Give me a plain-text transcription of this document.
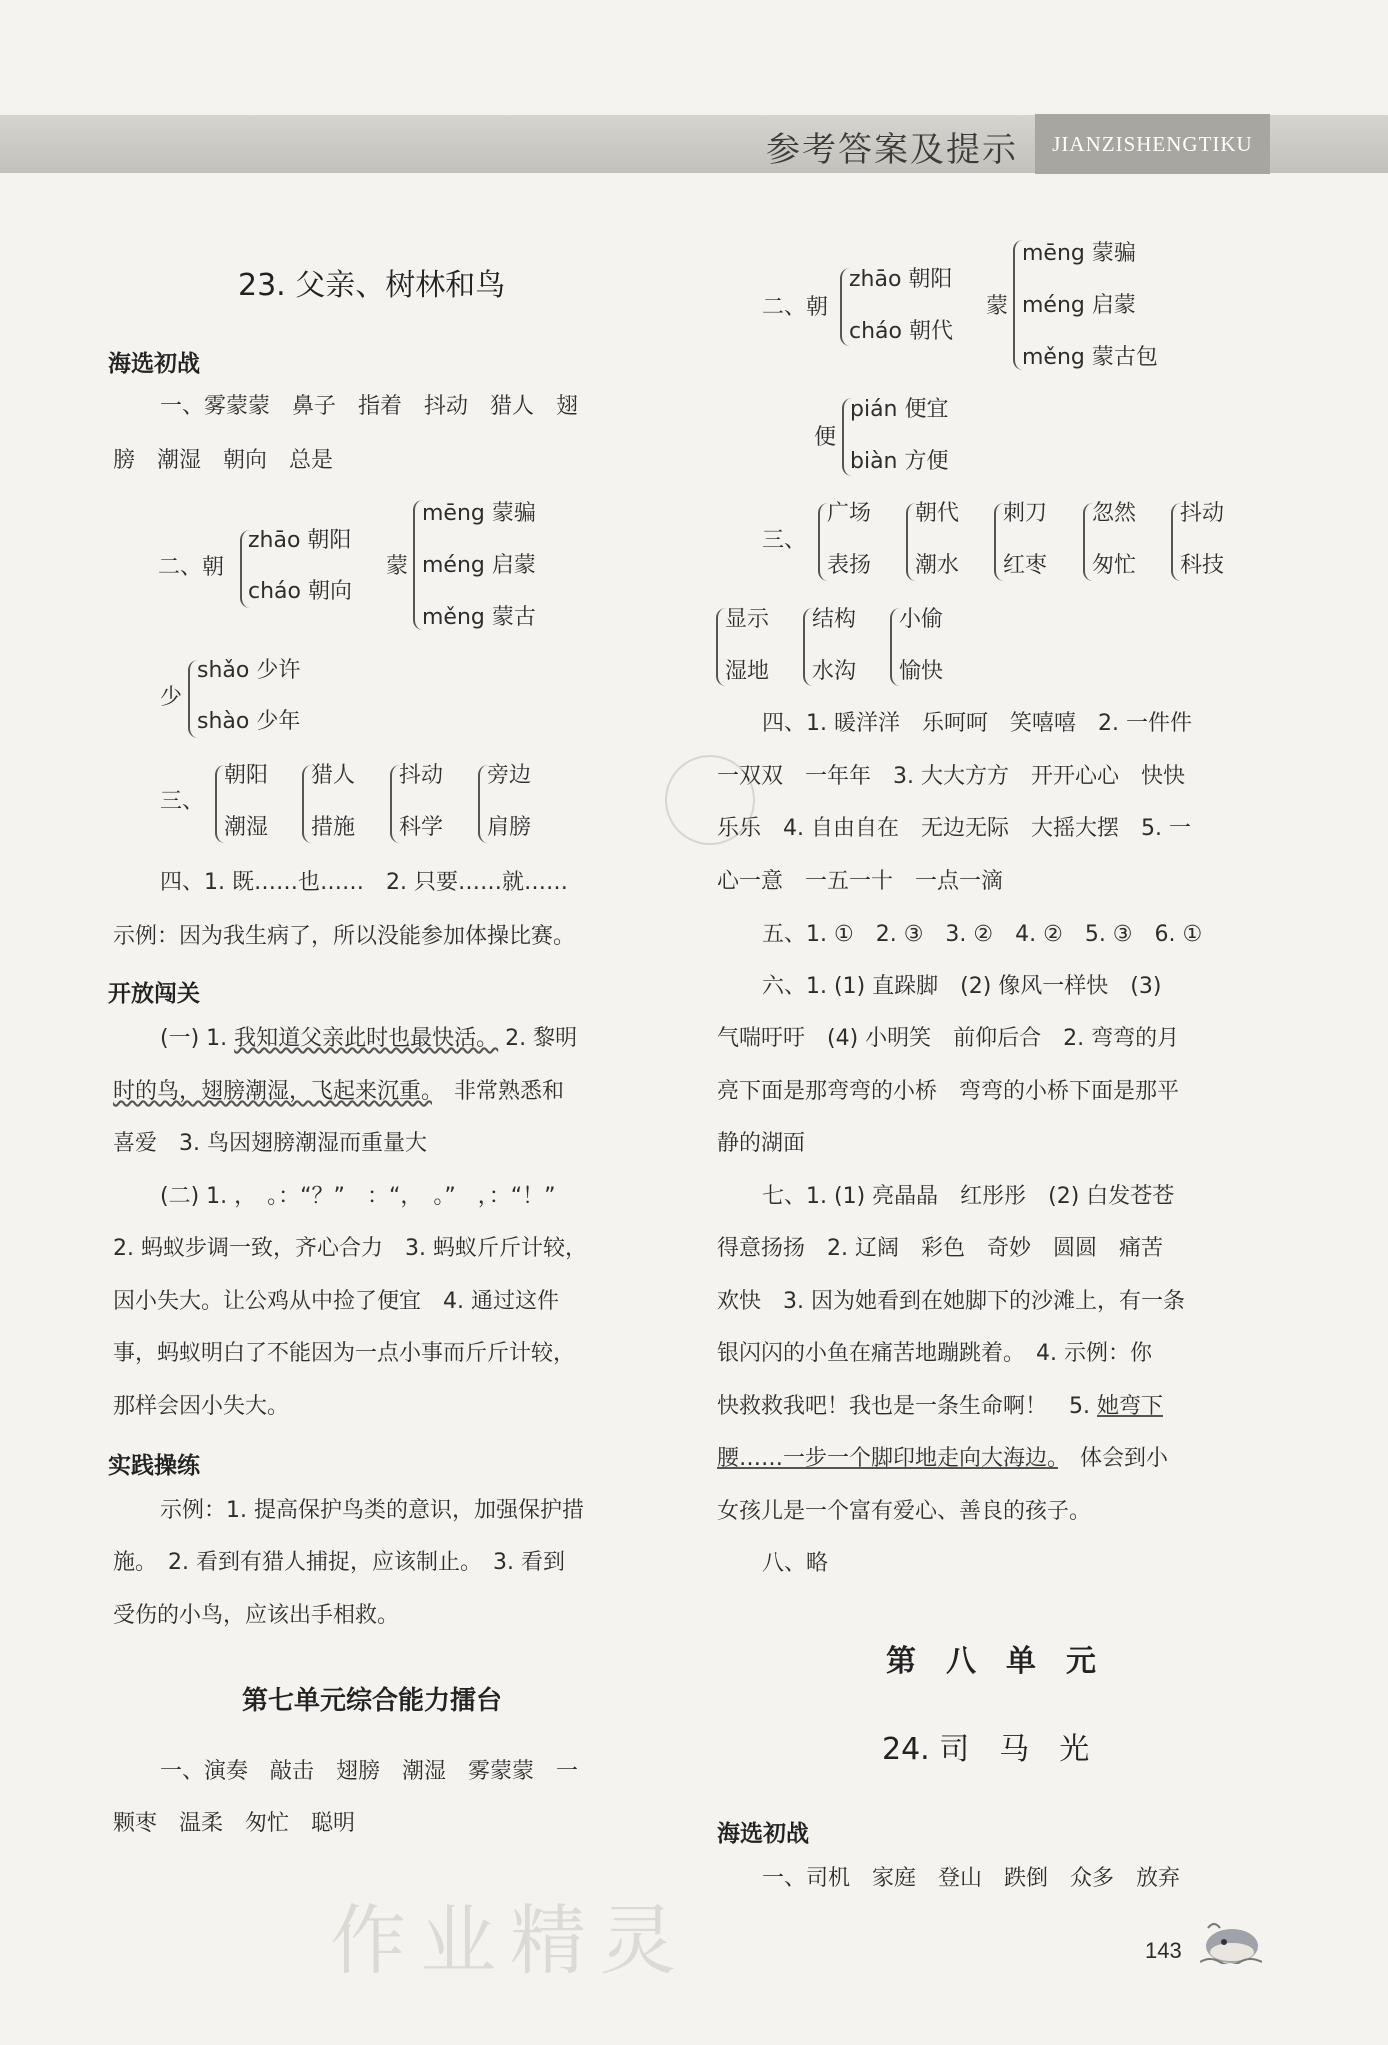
参考答案及提示	JIANZISHENGTIKU
23. 父亲、树林和鸟
海选初战
一、雾蒙蒙　鼻子　指着　抖动　猎人　翅
膀　潮湿　朝向　总是
二、朝
zhāo 朝阳
cháo 朝向
蒙
mēng 蒙骗
méng 启蒙
měng 蒙古
少
shǎo 少许
shào 少年
三、
朝阳
潮湿
猎人
措施
抖动
科学
旁边
肩膀
四、1. 既……也……　2. 只要……就……
示例：因为我生病了，所以没能参加体操比赛。
开放闯关
(一) 1. 我知道父亲此时也最快活。 2. 黎明
时的鸟，翅膀潮湿，飞起来沉重。　非常熟悉和
喜爱　3. 鸟因翅膀潮湿而重量大
(二) 1. ，　。：“？”　：“，　。”　，：“！”
2. 蚂蚁步调一致，齐心合力　3. 蚂蚁斤斤计较，
因小失大。让公鸡从中捡了便宜　4. 通过这件
事，蚂蚁明白了不能因为一点小事而斤斤计较，
那样会因小失大。
实践操练
示例：1. 提高保护鸟类的意识，加强保护措
施。　2. 看到有猎人捕捉，应该制止。　3. 看到
受伤的小鸟，应该出手相救。
第七单元综合能力擂台
一、演奏　敲击　翅膀　潮湿　雾蒙蒙　一
颗枣　温柔　匆忙　聪明
二、朝
zhāo 朝阳
cháo 朝代
蒙
mēng 蒙骗
méng 启蒙
měng 蒙古包
便
pián 便宜
biàn 方便
三、
广场
表扬
朝代
潮水
刺刀
红枣
忽然
匆忙
抖动
科技
显示
湿地
结构
水沟
小偷
愉快
四、1. 暖洋洋　乐呵呵　笑嘻嘻　2. 一件件
一双双　一年年　3. 大大方方　开开心心　快快
乐乐　4. 自由自在　无边无际　大摇大摆　5. 一
心一意　一五一十　一点一滴
五、1. ①　2. ③　3. ②　4. ②　5. ③　6. ①
六、1. (1) 直跺脚　(2) 像风一样快　(3)
气喘吁吁　(4) 小明笑　前仰后合　2. 弯弯的月
亮下面是那弯弯的小桥　弯弯的小桥下面是那平
静的湖面
七、1. (1) 亮晶晶　红彤彤　(2) 白发苍苍
得意扬扬　2. 辽阔　彩色　奇妙　圆圆　痛苦
欢快　3. 因为她看到在她脚下的沙滩上，有一条
银闪闪的小鱼在痛苦地蹦跳着。　4. 示例：你
快救救我吧！我也是一条生命啊！　5. 她弯下
腰……一步一个脚印地走向大海边。　体会到小
女孩儿是一个富有爱心、善良的孩子。
八、略
第　八　单　元
24. 司　马　光
海选初战
一、司机　家庭　登山　跌倒　众多　放弃
作业精灵	143
